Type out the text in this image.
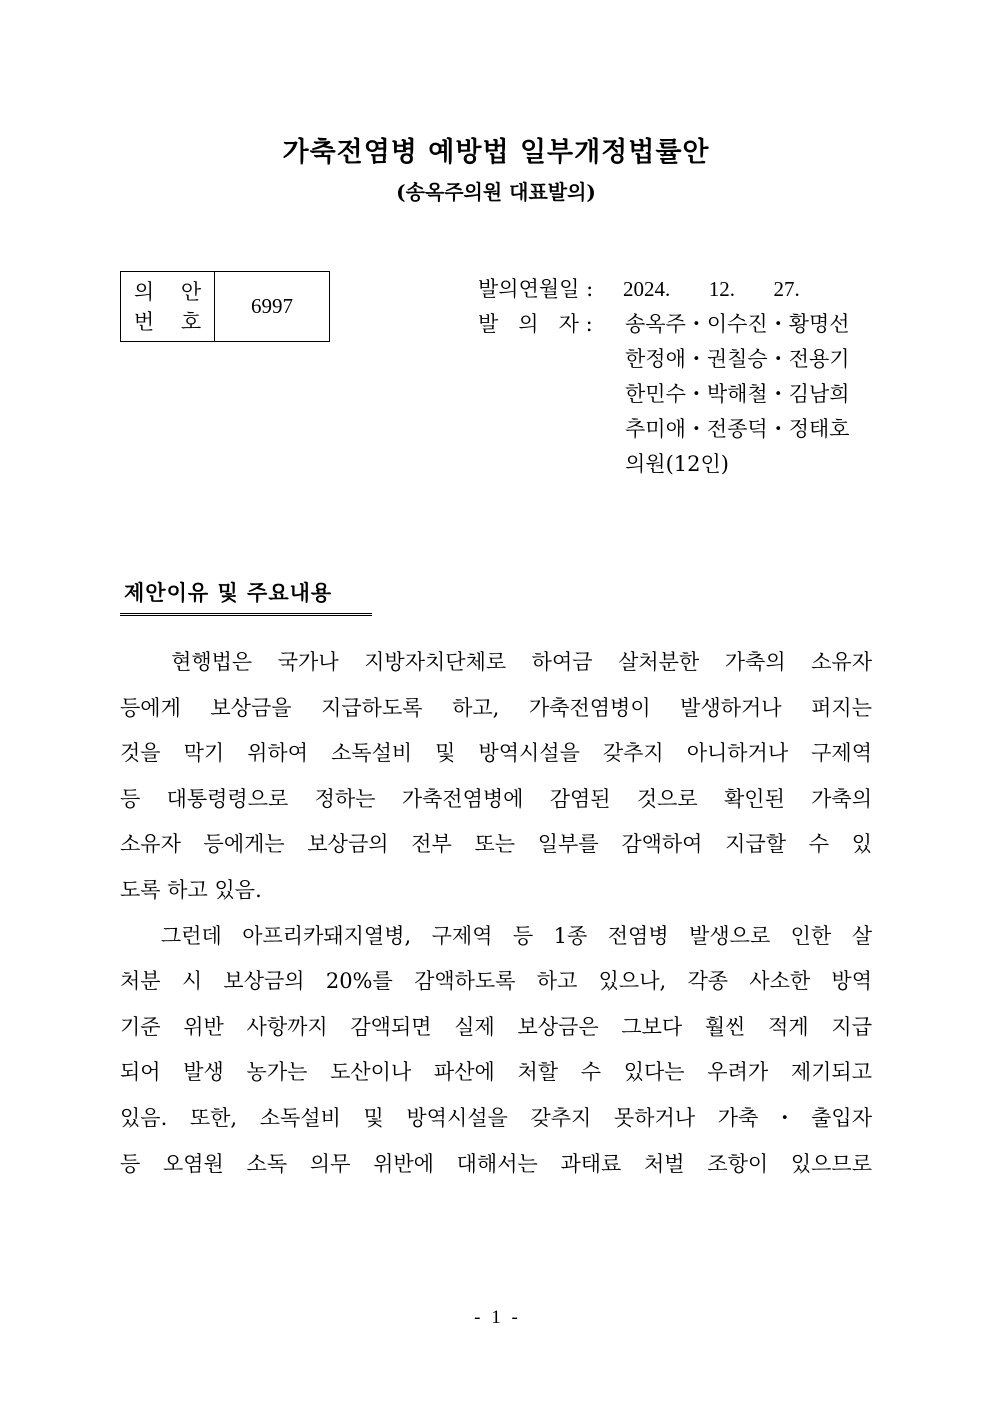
가축전염병 예방법 일부개정법률안
(송옥주의원 대표발의)
의 안
번 호
6997
발의연월일 :	2024.  12.  27.
발   의   자 :	송옥주・이수진・황명선
한정애・권칠승・전용기
한민수・박해철・김남희
추미애・전종덕・정태호
의원(12인)
제안이유 및 주요내용
현행법은 국가나 지방자치단체로 하여금 살처분한 가축의 소유자
등에게 보상금을 지급하도록 하고, 가축전염병이 발생하거나 퍼지는
것을 막기 위하여 소독설비 및 방역시설을 갖추지 아니하거나 구제역
등 대통령령으로 정하는 가축전염병에 감염된 것으로 확인된 가축의
소유자 등에게는 보상금의 전부 또는 일부를 감액하여 지급할 수 있
도록 하고 있음.
그런데 아프리카돼지열병, 구제역 등 1종 전염병 발생으로 인한 살
처분 시 보상금의 20%를 감액하도록 하고 있으나, 각종 사소한 방역
기준 위반 사항까지 감액되면 실제 보상금은 그보다 훨씬 적게 지급
되어 발생 농가는 도산이나 파산에 처할 수 있다는 우려가 제기되고
있음. 또한, 소독설비 및 방역시설을 갖추지 못하거나 가축・출입자
등 오염원 소독 의무 위반에 대해서는 과태료 처벌 조항이 있으므로
- 1 -
